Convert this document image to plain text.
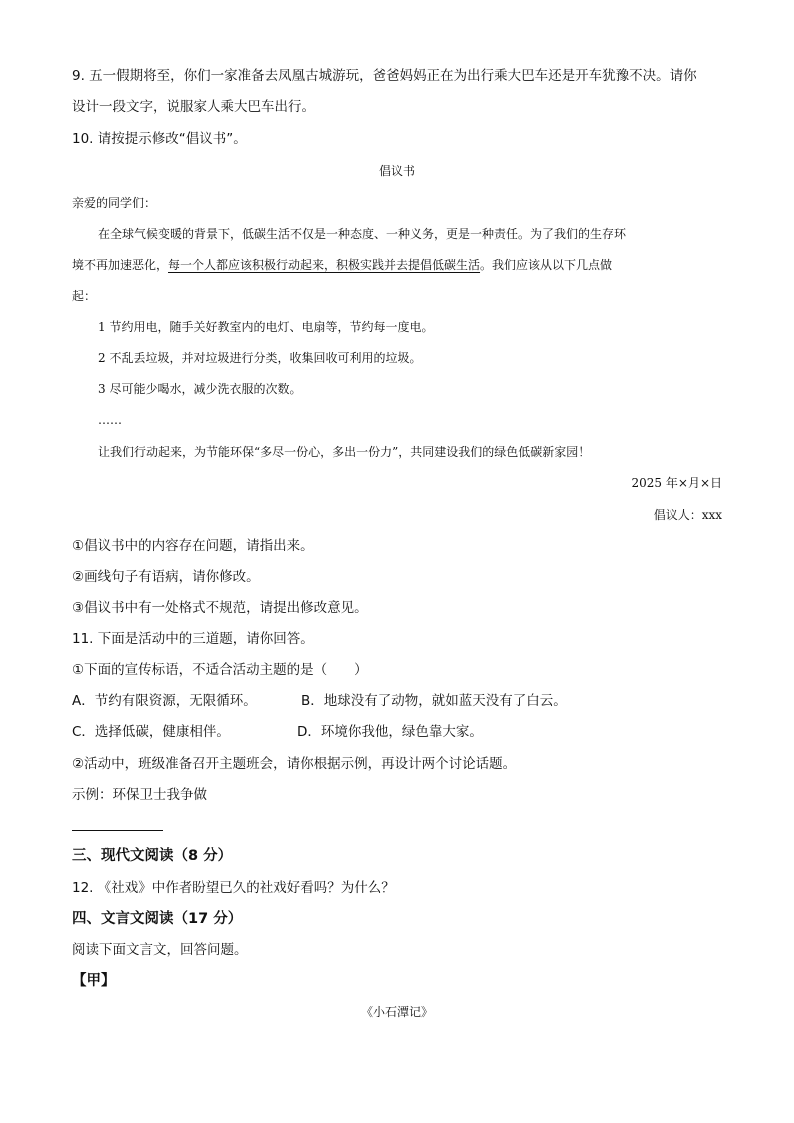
9. 五一假期将至，你们一家准备去凤凰古城游玩，爸爸妈妈正在为出行乘大巴车还是开车犹豫不决。请你
设计一段文字，说服家人乘大巴车出行。
10. 请按提示修改“倡议书”。
倡议书
亲爱的同学们：
在全球气候变暖的背景下，低碳生活不仅是一种态度、一种义务，更是一种责任。为了我们的生存环
境不再加速恶化，每一个人都应该积极行动起来，积极实践并去提倡低碳生活。我们应该从以下几点做
起：
1 节约用电，随手关好教室内的电灯、电扇等，节约每一度电。
2 不乱丢垃圾，并对垃圾进行分类，收集回收可利用的垃圾。
3 尽可能少喝水，减少洗衣服的次数。
……
让我们行动起来，为节能环保“多尽一份心，多出一份力”，共同建设我们的绿色低碳新家园！
2025 年×月×日
倡议人：xxx
①倡议书中的内容存在问题，请指出来。
②画线句子有语病，请你修改。
③倡议书中有一处格式不规范，请提出修改意见。
11. 下面是活动中的三道题，请你回答。
①下面的宣传标语，不适合活动主题的是（　　）
A．节约有限资源，无限循环。	B．地球没有了动物，就如蓝天没有了白云。
C．选择低碳，健康相伴。	D．环境你我他，绿色靠大家。
②活动中，班级准备召开主题班会，请你根据示例，再设计两个讨论话题。
示例：环保卫士我争做
三、现代文阅读（8 分）
12. 《社戏》中作者盼望已久的社戏好看吗？为什么？
四、文言文阅读（17 分）
阅读下面文言文，回答问题。
【甲】
《小石潭记》
